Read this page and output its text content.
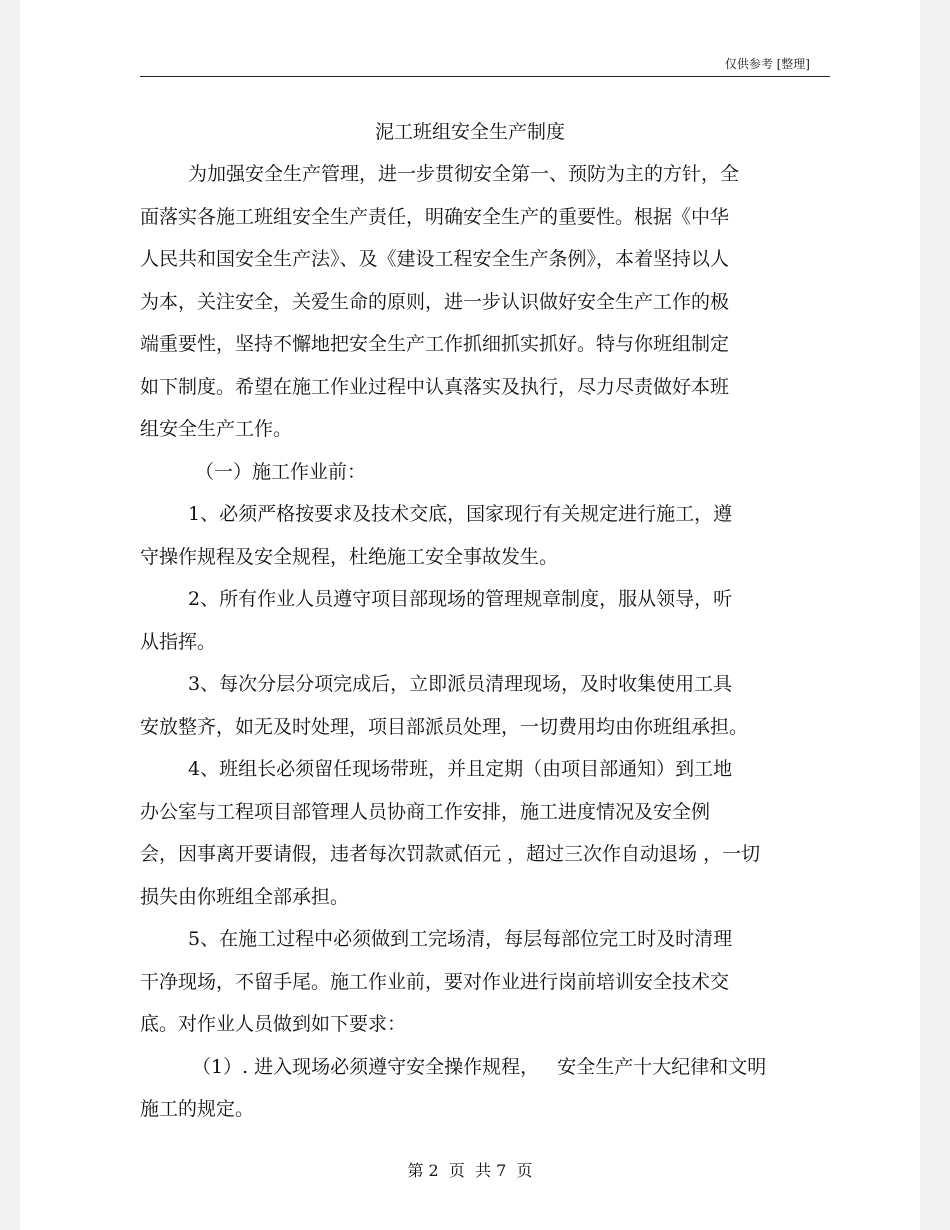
仅供参考 [整理]
泥工班组安全生产制度
为加强安全生产管理，进一步贯彻安全第一、预防为主的方针，全
面落实各施工班组安全生产责任，明确安全生产的重要性。根据《中华
人民共和国安全生产法》、及《建设工程安全生产条例》，本着坚持以人
为本，关注安全，关爱生命的原则，进一步认识做好安全生产工作的极
端重要性，坚持不懈地把安全生产工作抓细抓实抓好。特与你班组制定
如下制度。希望在施工作业过程中认真落实及执行，尽力尽责做好本班
组安全生产工作。
（一）施工作业前：
1、必须严格按要求及技术交底，国家现行有关规定进行施工，遵
守操作规程及安全规程，杜绝施工安全事故发生。
2、所有作业人员遵守项目部现场的管理规章制度，服从领导，听
从指挥。
3、每次分层分项完成后，立即派员清理现场，及时收集使用工具
安放整齐，如无及时处理，项目部派员处理，一切费用均由你班组承担。
4、班组长必须留任现场带班，并且定期（由项目部通知）到工地
办公室与工程项目部管理人员协商工作安排，施工进度情况及安全例
会，因事离开要请假，违者每次罚款贰佰元 ，超过三次作自动退场 ，一切
损失由你班组全部承担。
5、在施工过程中必须做到工完场清，每层每部位完工时及时清理
干净现场，不留手尾。施工作业前，要对作业进行岗前培训安全技术交
底。对作业人员做到如下要求：
（1）. 进入现场必须遵守安全操作规程，   安全生产十大纪律和文明
施工的规定。
第 2  页  共 7  页
